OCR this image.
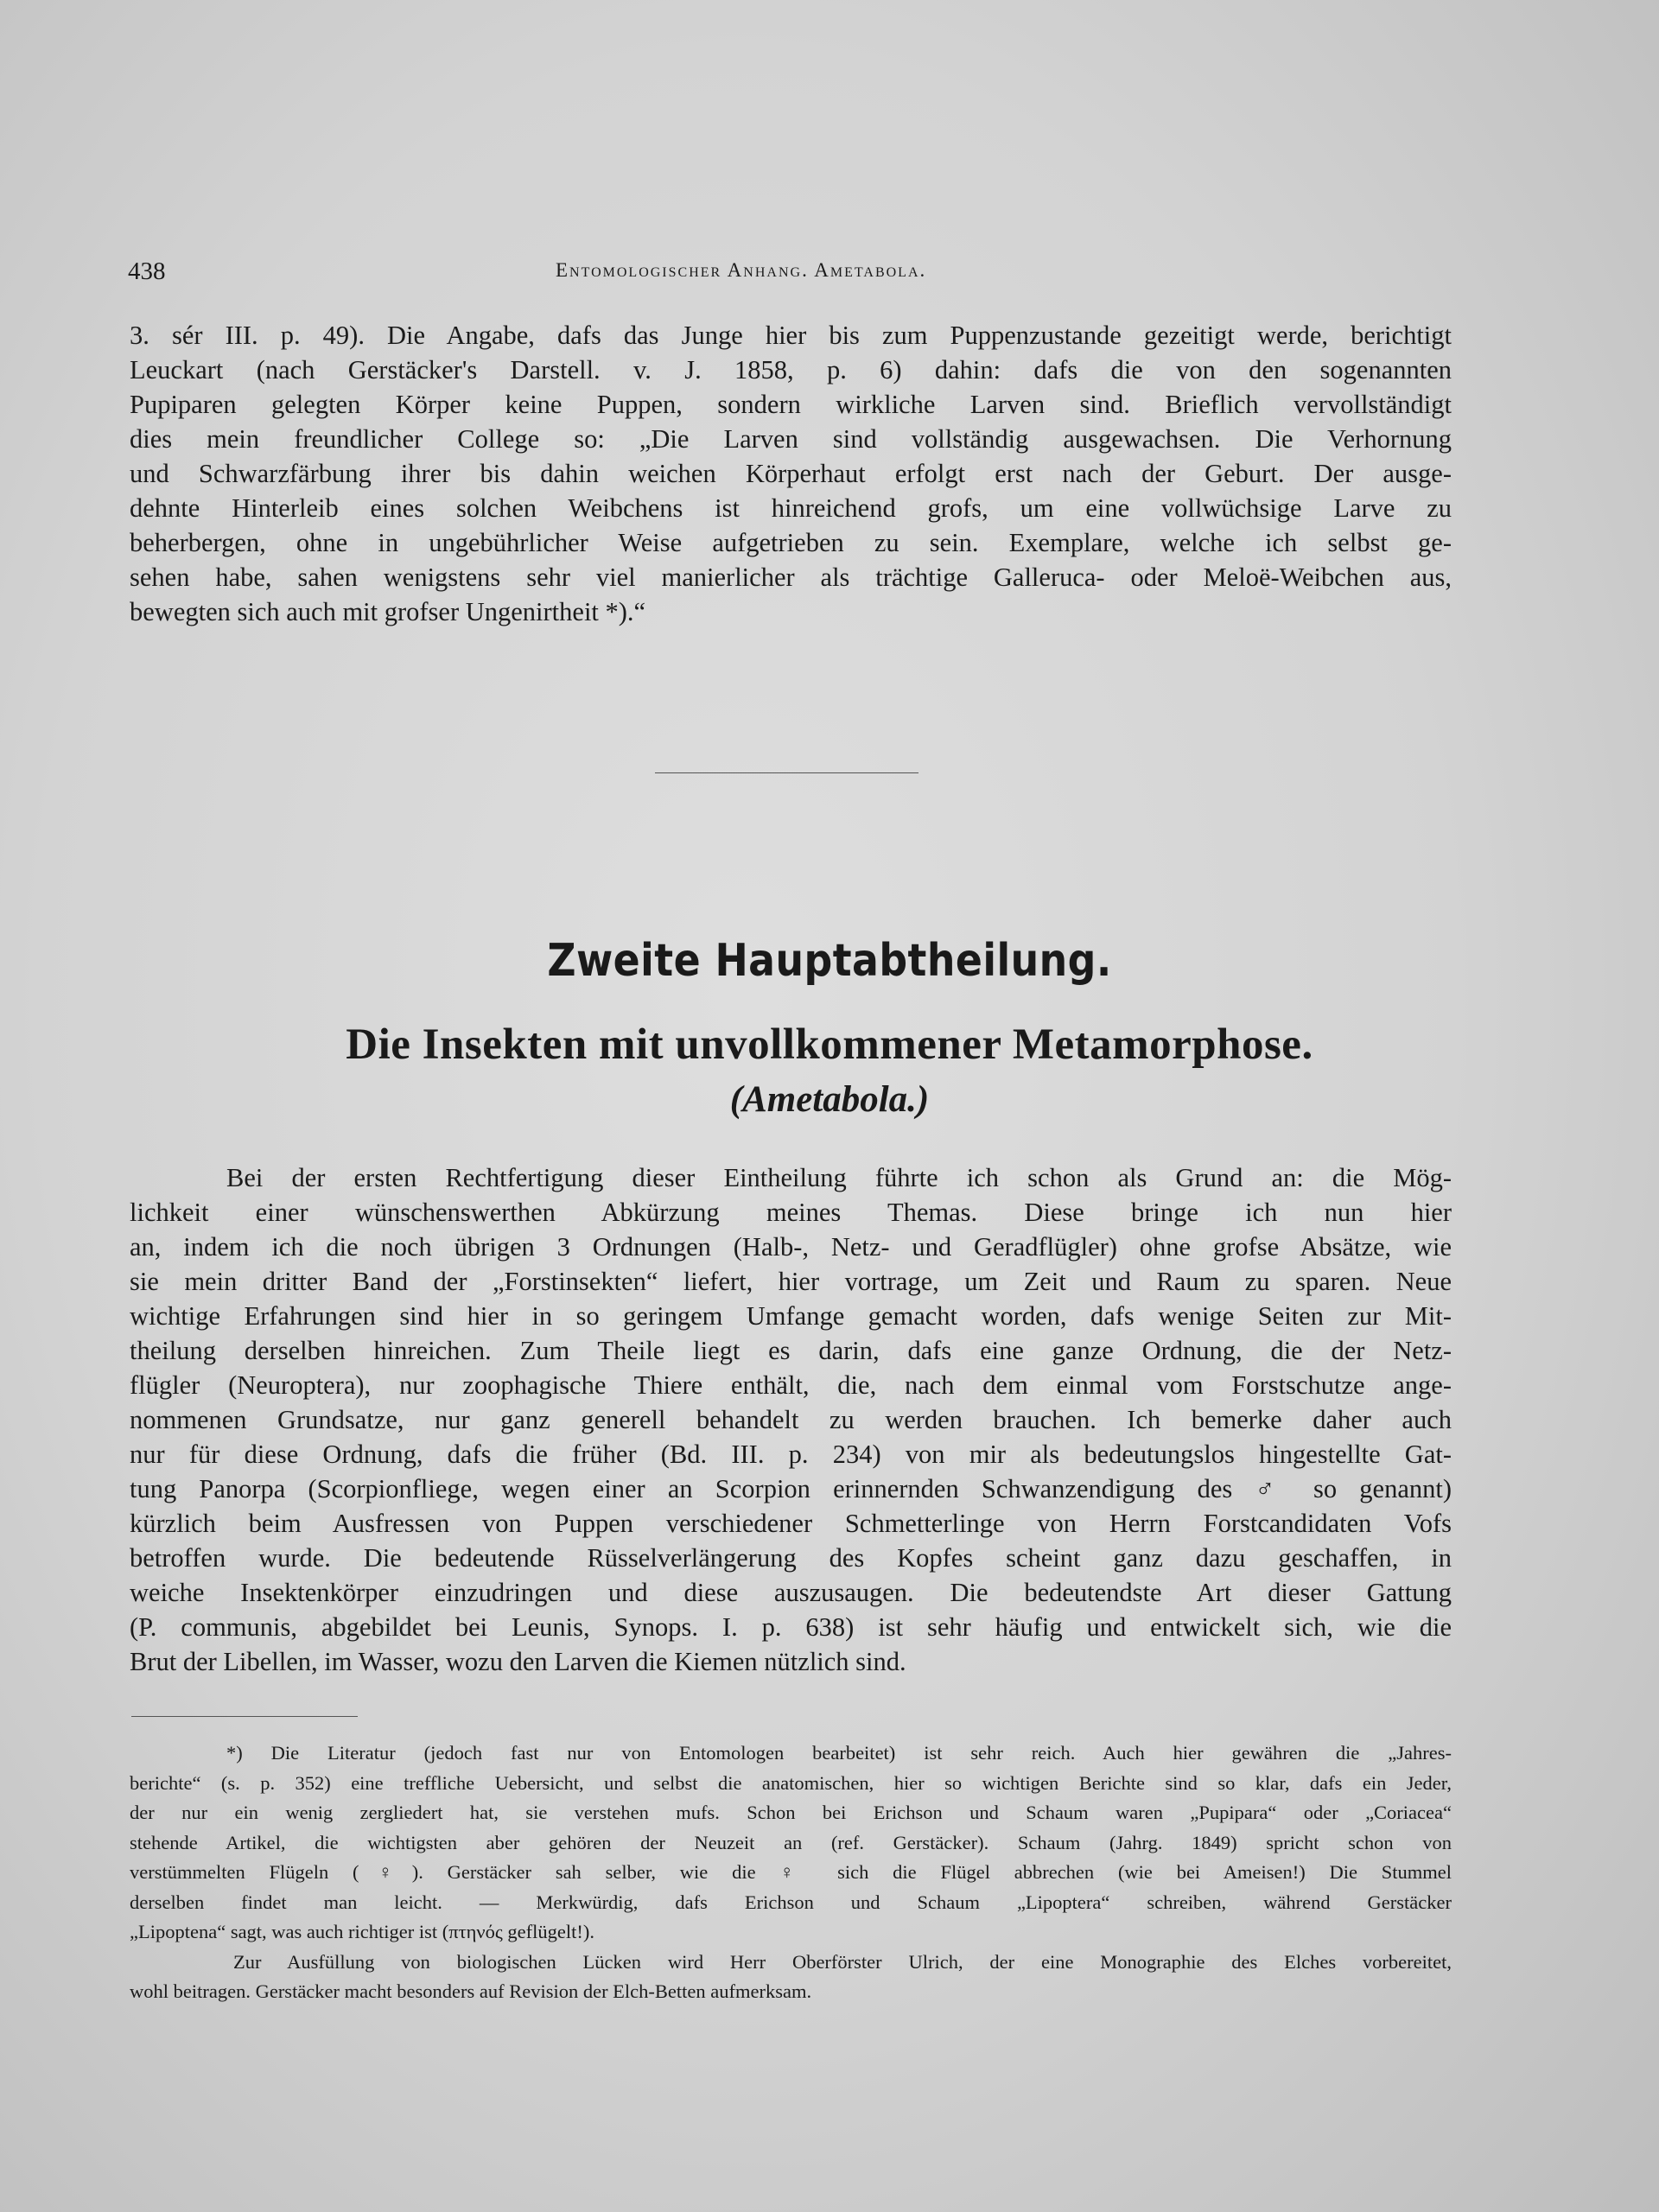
438	Entomologischer Anhang. Ametabola.
3. sér III. p. 49). Die Angabe, dafs das Junge hier bis zum Puppenzustande gezeitigt werde, berichtigt
Leuckart (nach Gerstäcker's Darstell. v. J. 1858, p. 6) dahin: dafs die von den sogenannten
Pupiparen gelegten Körper keine Puppen, sondern wirkliche Larven sind. Brieflich vervollständigt
dies mein freundlicher College so: „Die Larven sind vollständig ausgewachsen. Die Verhornung
und Schwarzfärbung ihrer bis dahin weichen Körperhaut erfolgt erst nach der Geburt. Der ausge-
dehnte Hinterleib eines solchen Weibchens ist hinreichend grofs, um eine vollwüchsige Larve zu
beherbergen, ohne in ungebührlicher Weise aufgetrieben zu sein. Exemplare, welche ich selbst ge-
sehen habe, sahen wenigstens sehr viel manierlicher als trächtige Galleruca- oder Meloë-Weibchen aus,
bewegten sich auch mit grofser Ungenirtheit *).“
Zweite Hauptabtheilung.
Die Insekten mit unvollkommener Metamorphose.
(Ametabola.)
Bei der ersten Rechtfertigung dieser Eintheilung führte ich schon als Grund an: die Mög-
lichkeit einer wünschenswerthen Abkürzung meines Themas. Diese bringe ich nun hier
an, indem ich die noch übrigen 3 Ordnungen (Halb-, Netz- und Geradflügler) ohne grofse Absätze, wie
sie mein dritter Band der „Forstinsekten“ liefert, hier vortrage, um Zeit und Raum zu sparen. Neue
wichtige Erfahrungen sind hier in so geringem Umfange gemacht worden, dafs wenige Seiten zur Mit-
theilung derselben hinreichen. Zum Theile liegt es darin, dafs eine ganze Ordnung, die der Netz-
flügler (Neuroptera), nur zoophagische Thiere enthält, die, nach dem einmal vom Forstschutze ange-
nommenen Grundsatze, nur ganz generell behandelt zu werden brauchen. Ich bemerke daher auch
nur für diese Ordnung, dafs die früher (Bd. III. p. 234) von mir als bedeutungslos hingestellte Gat-
tung Panorpa (Scorpionfliege, wegen einer an Scorpion erinnernden Schwanzendigung des ♂ so genannt)
kürzlich beim Ausfressen von Puppen verschiedener Schmetterlinge von Herrn Forstcandidaten Vofs
betroffen wurde. Die bedeutende Rüsselverlängerung des Kopfes scheint ganz dazu geschaffen, in
weiche Insektenkörper einzudringen und diese auszusaugen. Die bedeutendste Art dieser Gattung
(P. communis, abgebildet bei Leunis, Synops. I. p. 638) ist sehr häufig und entwickelt sich, wie die
Brut der Libellen, im Wasser, wozu den Larven die Kiemen nützlich sind.

*) Die Literatur (jedoch fast nur von Entomologen bearbeitet) ist sehr reich. Auch hier gewähren die „Jahres-
berichte“ (s. p. 352) eine treffliche Uebersicht, und selbst die anatomischen, hier so wichtigen Berichte sind so klar, dafs ein Jeder,
der nur ein wenig zergliedert hat, sie verstehen mufs. Schon bei Erichson und Schaum waren „Pupipara“ oder „Coriacea“
stehende Artikel, die wichtigsten aber gehören der Neuzeit an (ref. Gerstäcker). Schaum (Jahrg. 1849) spricht schon von
verstümmelten Flügeln (♀). Gerstäcker sah selber, wie die ♀ sich die Flügel abbrechen (wie bei Ameisen!) Die Stummel
derselben findet man leicht. — Merkwürdig, dafs Erichson und Schaum „Lipoptera“ schreiben, während Gerstäcker
„Lipoptena“ sagt, was auch richtiger ist (πτηνός geflügelt!).

Zur Ausfüllung von biologischen Lücken wird Herr Oberförster Ulrich, der eine Monographie des Elches vorbereitet,
wohl beitragen. Gerstäcker macht besonders auf Revision der Elch-Betten aufmerksam.
